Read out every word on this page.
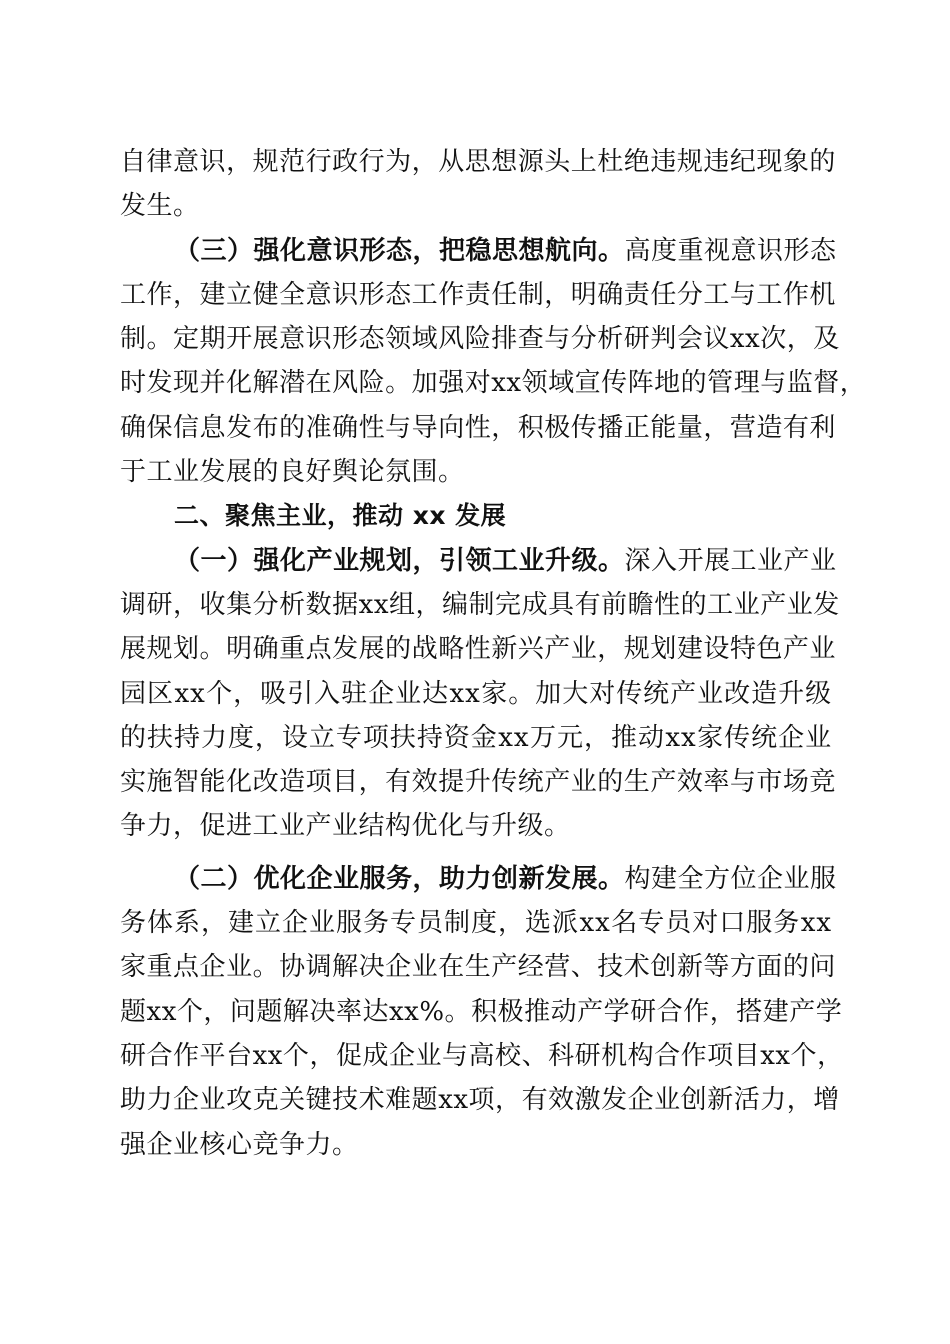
自 律 意 识 ， 规 范 行 政 行 为 ， 从 思 想 源 头 上 杜 绝 违 规 违 纪 现 象 的
发生。
（三）强化意识形态，把稳思想航向。高度重视意识形态
工 作 ， 建 立 健 全 意 识 形 态 工 作 责 任 制 ， 明 确 责 任 分 工 与 工 作 机
制 。 定 期 开 展 意 识 形 态 领 域 风 险 排 查 与 分 析 研 判 会 议 x x 次 ， 及
时 发 现 并 化 解 潜 在 风 险 。 加 强 对 x x 领 域 宣 传 阵 地 的 管 理 与 监 督 ，
确 保 信 息 发 布 的 准 确 性 与 导 向 性 ， 积 极 传 播 正 能 量 ， 营 造 有 利
于工业发展的良好舆论氛围。
二、聚焦主业，推动 xx 发展
（一）强化产业规划，引领工业升级。深入开展工业产业
调 研 ， 收 集 分 析 数 据 x x 组 ， 编 制 完 成 具 有 前 瞻 性 的 工 业 产 业 发
展 规 划 。 明 确 重 点 发 展 的 战 略 性 新 兴 产 业 ， 规 划 建 设 特 色 产 业
园 区 x x 个 ， 吸 引 入 驻 企 业 达 x x 家 。 加 大 对 传 统 产 业 改 造 升 级
的 扶 持 力 度 ， 设 立 专 项 扶 持 资 金 x x 万 元 ， 推 动 x x 家 传 统 企 业
实 施 智 能 化 改 造 项 目 ， 有 效 提 升 传 统 产 业 的 生 产 效 率 与 市 场 竞
争力，促进工业产业结构优化与升级。
（二）优化企业服务，助力创新发展。构建全方位企业服
务 体 系 ， 建 立 企 业 服 务 专 员 制 度 ， 选 派 x x 名 专 员 对 口 服 务 x x
家 重 点 企 业 。 协 调 解 决 企 业 在 生 产 经 营 、 技 术 创 新 等 方 面 的 问
题 x x 个 ， 问 题 解 决 率 达 x x % 。 积 极 推 动 产 学 研 合 作 ， 搭 建 产 学
研 合 作 平 台 x x 个 ， 促 成 企 业 与 高 校 、 科 研 机 构 合 作 项 目 x x 个 ，
助 力 企 业 攻 克 关 键 技 术 难 题 x x 项 ， 有 效 激 发 企 业 创 新 活 力 ， 增
强企业核心竞争力。
